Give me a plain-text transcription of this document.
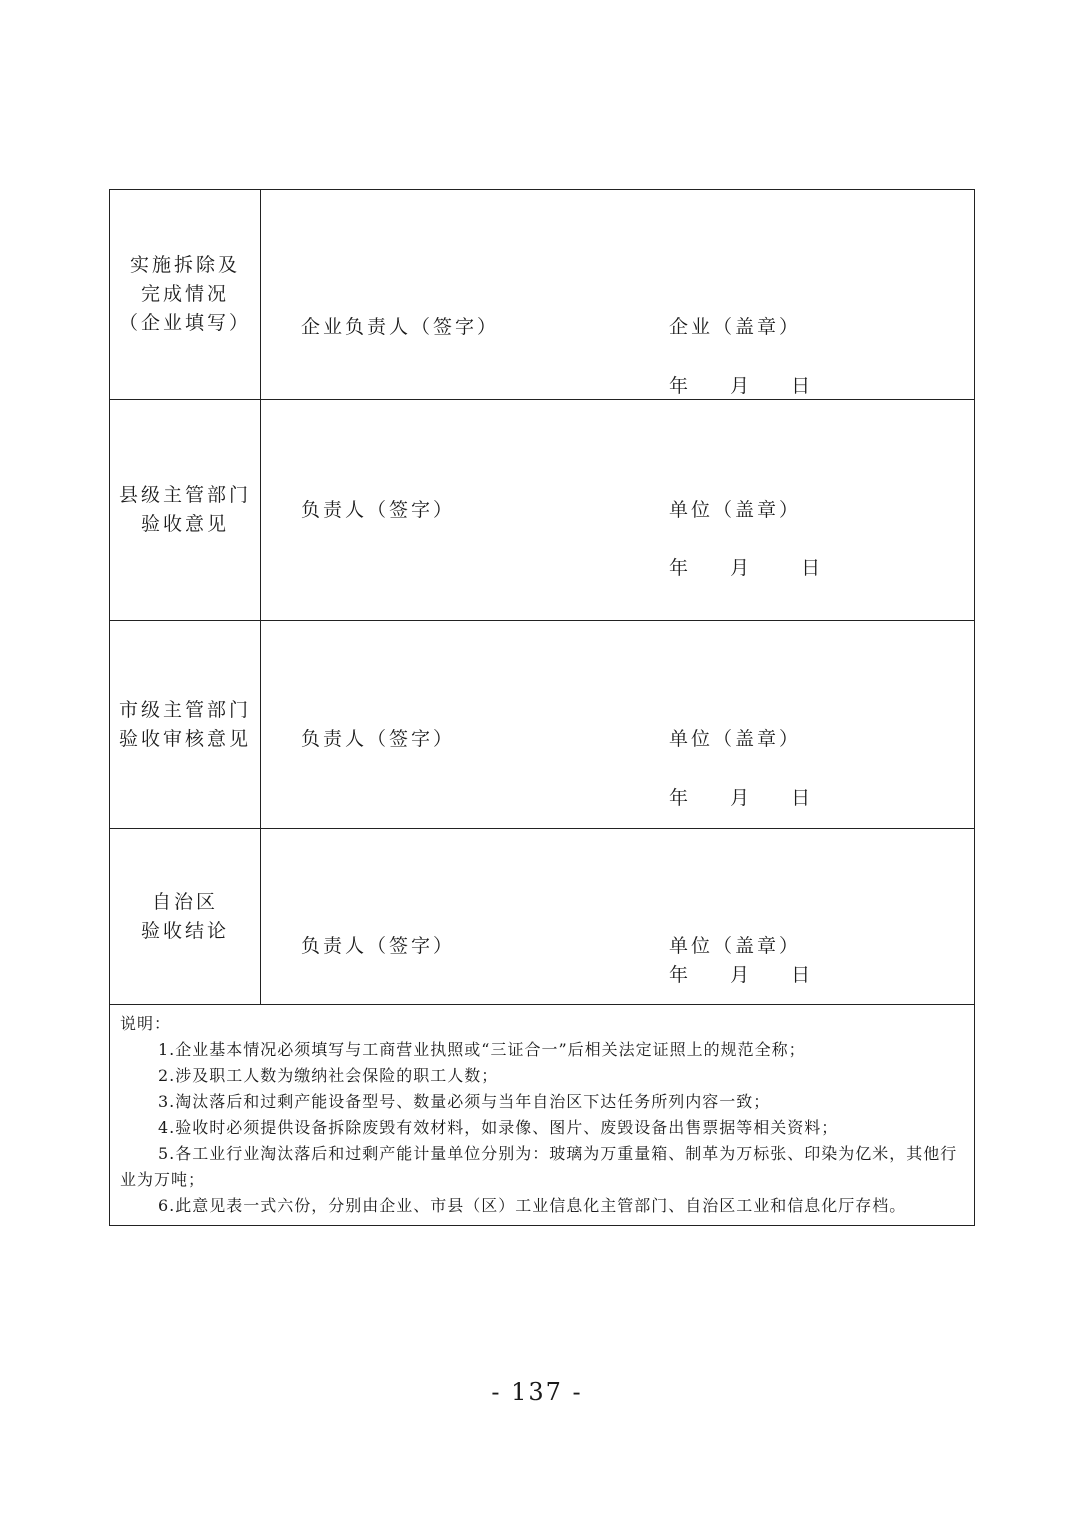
实施拆除及
完成情况
（企业填写）	企业负责人（签字）	企业（盖章）
年 月 日
县级主管部门
验收意见
负责人（签字）	单位（盖章）
年 月	日
市级主管部门
验收审核意见	负责人（签字）	单位（盖章）
年 月 日
自治区
验收结论
负责人（签字）	单位（盖章）
年 月 日
说明：
1.企业基本情况必须填写与工商营业执照或“三证合一”后相关法定证照上的规范全称；
2.涉及职工人数为缴纳社会保险的职工人数；
3.淘汰落后和过剩产能设备型号、数量必须与当年自治区下达任务所列内容一致；
4.验收时必须提供设备拆除废毁有效材料，如录像、图片、废毁设备出售票据等相关资料；
5.各工业行业淘汰落后和过剩产能计量单位分别为：玻璃为万重量箱、制革为万标张、印染为亿米，其他行业为万吨；
6.此意见表一式六份，分别由企业、市县（区）工业信息化主管部门、自治区工业和信息化厅存档。
- 137 -
